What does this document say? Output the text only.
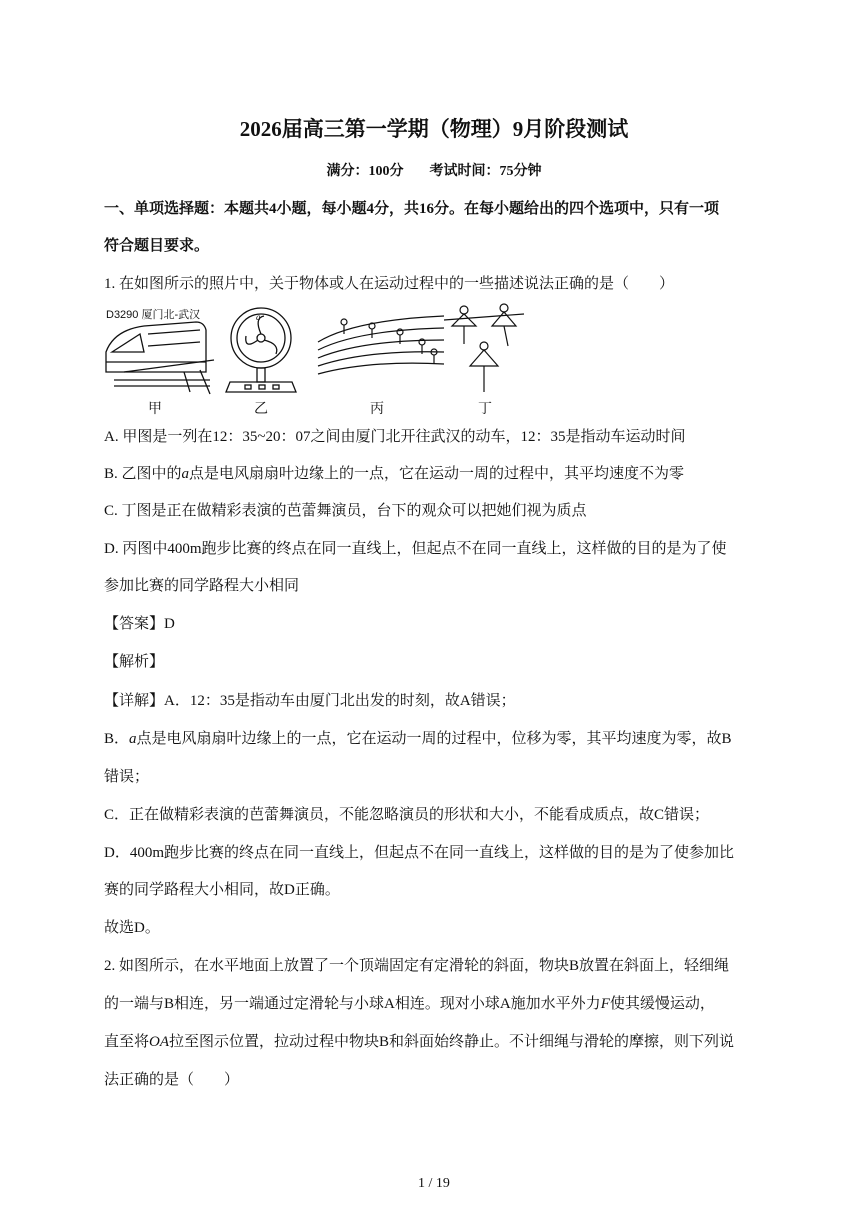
2026届高三第一学期（物理）9月阶段测试
满分：100分 考试时间：75分钟
一、单项选择题：本题共4小题，每小题4分，共16分。在每小题给出的四个选项中，只有一项
符合题目要求。
1. 在如图所示的照片中，关于物体或人在运动过程中的一些描述说法正确的是（　　）
D3290 厦门北-武汉	a
甲	乙	丙	丁
A. 甲图是一列在12：35~20：07之间由厦门北开往武汉的动车，12：35是指动车运动时间
B. 乙图中的a点是电风扇扇叶边缘上的一点，它在运动一周的过程中，其平均速度不为零
C. 丁图是正在做精彩表演的芭蕾舞演员，台下的观众可以把她们视为质点
D. 丙图中400m跑步比赛的终点在同一直线上，但起点不在同一直线上，这样做的目的是为了使
参加比赛的同学路程大小相同
【答案】D
【解析】
【详解】A．12：35是指动车由厦门北出发的时刻，故A错误；
B．a点是电风扇扇叶边缘上的一点，它在运动一周的过程中，位移为零，其平均速度为零，故B
错误；
C．正在做精彩表演的芭蕾舞演员，不能忽略演员的形状和大小，不能看成质点，故C错误；
D．400m跑步比赛的终点在同一直线上，但起点不在同一直线上，这样做的目的是为了使参加比
赛的同学路程大小相同，故D正确。
故选D。
2. 如图所示，在水平地面上放置了一个顶端固定有定滑轮的斜面，物块B放置在斜面上，轻细绳
的一端与B相连，另一端通过定滑轮与小球A相连。现对小球A施加水平外力F使其缓慢运动，
直至将OA拉至图示位置，拉动过程中物块B和斜面始终静止。不计细绳与滑轮的摩擦，则下列说
法正确的是（　　）
1 / 19
